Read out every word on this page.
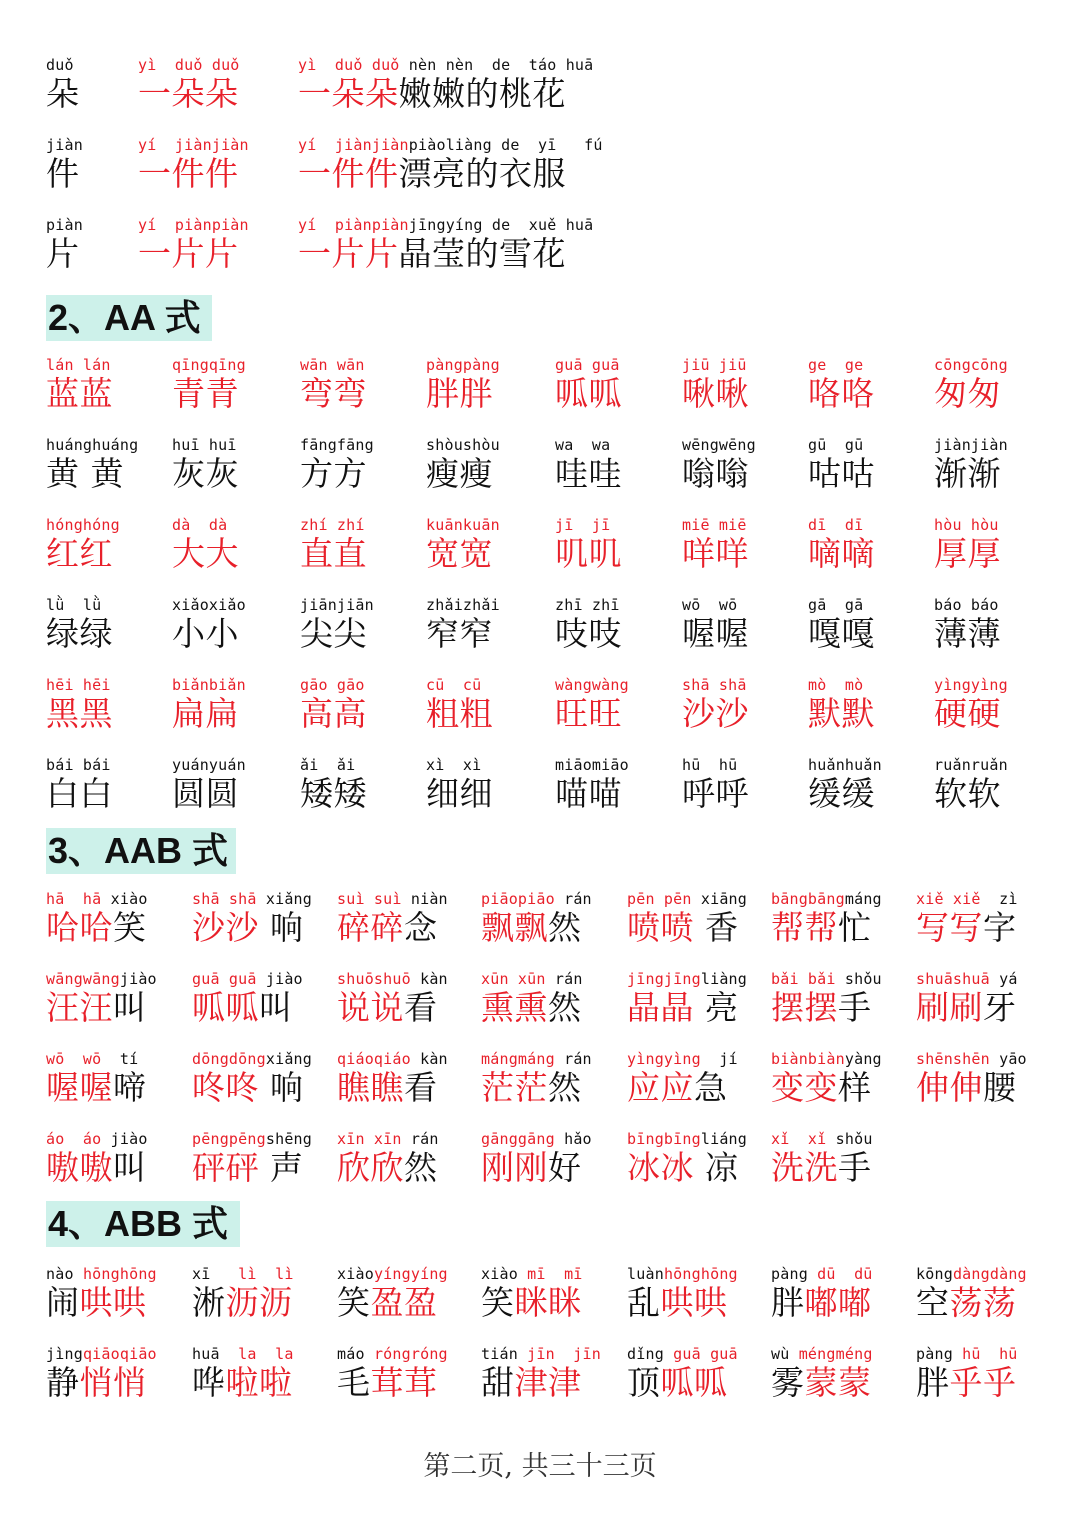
duǒ
朵
yì  duǒ duǒ
一朵朵
yì  duǒ duǒ nèn nèn  de  táo huā
一朵朵嫩嫩的桃花
jiàn
件
yí  jiànjiàn
一件件
yí  jiànjiànpiàoliàng de  yī   fú
一件件漂亮的衣服
piàn
片
yí  piànpiàn
一片片
yí  piànpiànjīngyíng de  xuě huā
一片片晶莹的雪花
2、AA 式
lán lán
蓝蓝
qīngqīng
青青
wān wān
弯弯
pàngpàng
胖胖
guā guā
呱呱
jiū jiū
啾啾
ge  ge
咯咯
cōngcōng
匆匆
huánghuáng
黄 黄
huī huī
灰灰
fāngfāng
方方
shòushòu
瘦瘦
wa  wa
哇哇
wēngwēng
嗡嗡
gū  gū
咕咕
jiànjiàn
渐渐
hónghóng
红红
dà  dà
大大
zhí zhí
直直
kuānkuān
宽宽
jī  jī
叽叽
miē miē
咩咩
dī  dī
嘀嘀
hòu hòu
厚厚
lǜ  lǜ
绿绿
xiǎoxiǎo
小小
jiānjiān
尖尖
zhǎizhǎi
窄窄
zhī zhī
吱吱
wō  wō
喔喔
gā  gā
嘎嘎
báo báo
薄薄
hēi hēi
黑黑
biǎnbiǎn
扁扁
gāo gāo
高高
cū  cū
粗粗
wàngwàng
旺旺
shā shā
沙沙
mò  mò
默默
yìngyìng
硬硬
bái bái
白白
yuányuán
圆圆
ǎi  ǎi
矮矮
xì  xì
细细
miāomiāo
喵喵
hū  hū
呼呼
huǎnhuǎn
缓缓
ruǎnruǎn
软软
3、AAB 式
hā  hā xiào
哈哈笑
shā shā xiǎng
沙沙 响
suì suì niàn
碎碎念
piāopiāo rán
飘飘然
pēn pēn xiāng
喷喷 香
bāngbāngmáng
帮帮忙
xiě xiě  zì
写写字
wāngwāngjiào
汪汪叫
guā guā jiào
呱呱叫
shuōshuō kàn
说说看
xūn xūn rán
熏熏然
jīngjīngliàng
晶晶 亮
bǎi bǎi shǒu
摆摆手
shuāshuā yá
刷刷牙
wō  wō  tí
喔喔啼
dōngdōngxiǎng
咚咚 响
qiáoqiáo kàn
瞧瞧看
mángmáng rán
茫茫然
yìngyìng  jí
应应急
biànbiànyàng
变变样
shēnshēn yāo
伸伸腰
áo  áo jiào
嗷嗷叫
pēngpēngshēng
砰砰 声
xīn xīn rán
欣欣然
gānggāng hǎo
刚刚好
bīngbīngliáng
冰冰 凉
xǐ  xǐ shǒu
洗洗手
4、ABB 式
nào hōnghōng
闹哄哄
xī   lì  lì
淅沥沥
xiàoyíngyíng
笑盈盈
xiào mī  mī
笑眯眯
luànhōnghōng
乱哄哄
pàng dū  dū
胖嘟嘟
kōngdàngdàng
空荡荡
jìngqiāoqiāo
静悄悄
huā  la  la
哗啦啦
máo róngróng
毛茸茸
tián jīn  jīn
甜津津
dǐng guā guā
顶呱呱
wù méngméng
雾蒙蒙
pàng hū  hū
胖乎乎
第二页, 共三十三页
